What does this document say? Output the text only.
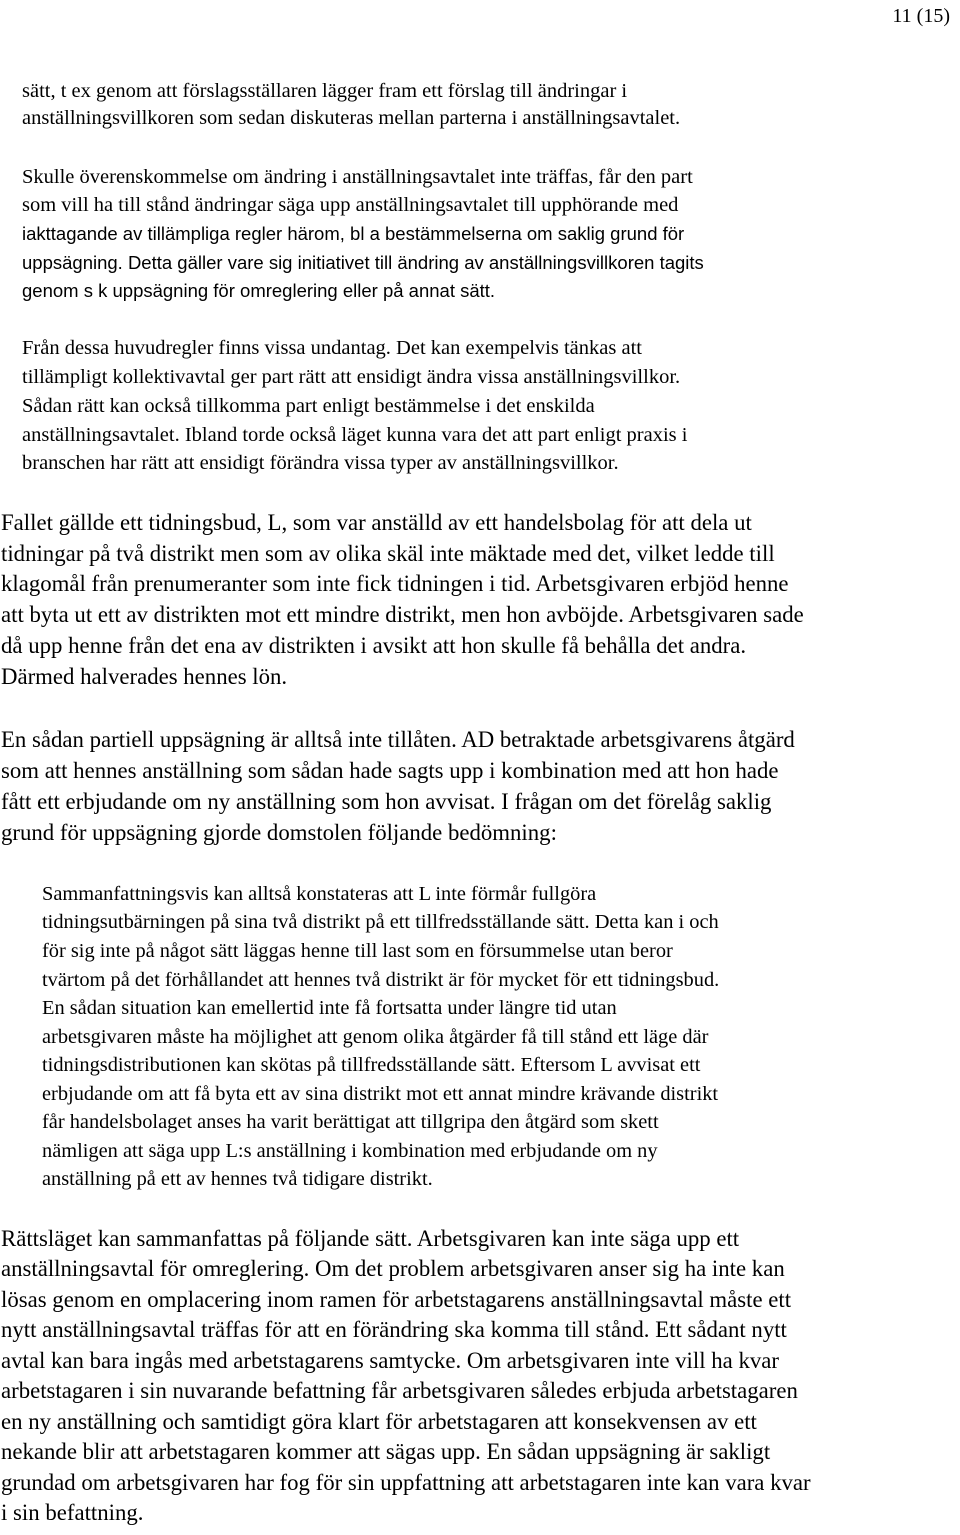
11 (15)
sätt, t ex genom att förslagsställaren lägger fram ett förslag till ändringar i
anställningsvillkoren som sedan diskuteras mellan parterna i anställningsavtalet.
Skulle överenskommelse om ändring i anställningsavtalet inte träffas, får den part
som vill ha till stånd ändringar säga upp anställningsavtalet till upphörande med
iakttagande av tillämpliga regler härom, bl a bestämmelserna om saklig grund för
uppsägning. Detta gäller vare sig initiativet till ändring av anställningsvillkoren tagits
genom s k uppsägning för omreglering eller på annat sätt.
Från dessa huvudregler finns vissa undantag. Det kan exempelvis tänkas att
tillämpligt kollektivavtal ger part rätt att ensidigt ändra vissa anställningsvillkor.
Sådan rätt kan också tillkomma part enligt bestämmelse i det enskilda
anställningsavtalet. Ibland torde också läget kunna vara det att part enligt praxis i
branschen har rätt att ensidigt förändra vissa typer av anställningsvillkor.
Fallet gällde ett tidningsbud, L, som var anställd av ett handelsbolag för att dela ut
tidningar på två distrikt men som av olika skäl inte mäktade med det, vilket ledde till
klagomål från prenumeranter som inte fick tidningen i tid. Arbetsgivaren erbjöd henne
att byta ut ett av distrikten mot ett mindre distrikt, men hon avböjde. Arbetsgivaren sade
då upp henne från det ena av distrikten i avsikt att hon skulle få behålla det andra.
Därmed halverades hennes lön.
En sådan partiell uppsägning är alltså inte tillåten. AD betraktade arbetsgivarens åtgärd
som att hennes anställning som sådan hade sagts upp i kombination med att hon hade
fått ett erbjudande om ny anställning som hon avvisat. I frågan om det förelåg saklig
grund för uppsägning gjorde domstolen följande bedömning:
Sammanfattningsvis kan alltså konstateras att L inte förmår fullgöra
tidningsutbärningen på sina två distrikt på ett tillfredsställande sätt. Detta kan i och
för sig inte på något sätt läggas henne till last som en försummelse utan beror
tvärtom på det förhållandet att hennes två distrikt är för mycket för ett tidningsbud.
En sådan situation kan emellertid inte få fortsatta under längre tid utan
arbetsgivaren måste ha möjlighet att genom olika åtgärder få till stånd ett läge där
tidningsdistributionen kan skötas på tillfredsställande sätt. Eftersom L avvisat ett
erbjudande om att få byta ett av sina distrikt mot ett annat mindre krävande distrikt
får handelsbolaget anses ha varit berättigat att tillgripa den åtgärd som skett
nämligen att säga upp L:s anställning i kombination med erbjudande om ny
anställning på ett av hennes två tidigare distrikt.
Rättsläget kan sammanfattas på följande sätt. Arbetsgivaren kan inte säga upp ett
anställningsavtal för omreglering. Om det problem arbetsgivaren anser sig ha inte kan
lösas genom en omplacering inom ramen för arbetstagarens anställningsavtal måste ett
nytt anställningsavtal träffas för att en förändring ska komma till stånd. Ett sådant nytt
avtal kan bara ingås med arbetstagarens samtycke. Om arbetsgivaren inte vill ha kvar
arbetstagaren i sin nuvarande befattning får arbetsgivaren således erbjuda arbetstagaren
en ny anställning och samtidigt göra klart för arbetstagaren att konsekvensen av ett
nekande blir att arbetstagaren kommer att sägas upp. En sådan uppsägning är sakligt
grundad om arbetsgivaren har fog för sin uppfattning att arbetstagaren inte kan vara kvar
i sin befattning.
